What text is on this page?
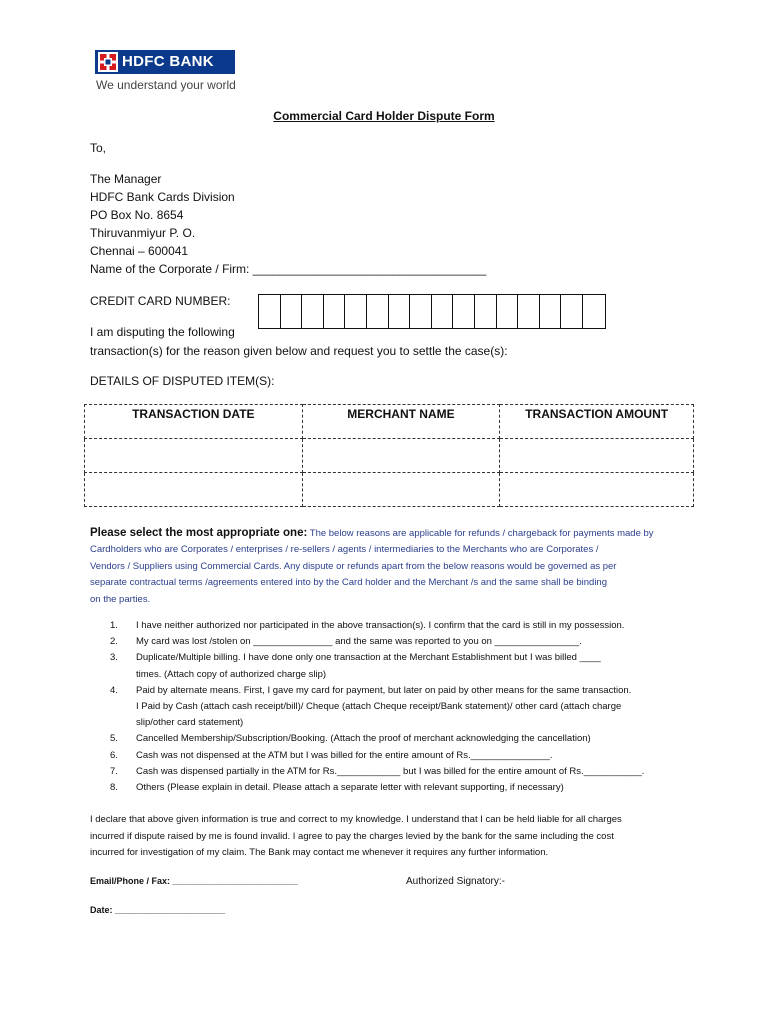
HDFC BANK
We understand your world
Commercial Card Holder Dispute Form
To,
The Manager
HDFC Bank Cards Division
PO Box No. 8654
Thiruvanmiyur P. O.
Chennai – 600041
Name of the Corporate / Firm: ___________________________________
CREDIT CARD NUMBER:
I am disputing the following
transaction(s) for the reason given below and request you to settle the case(s):
DETAILS OF DISPUTED ITEM(S):
TRANSACTION DATE	MERCHANT NAME	TRANSACTION AMOUNT

Please select the most appropriate one: The below reasons are applicable for refunds / chargeback for payments made by
Cardholders who are Corporates / enterprises / re-sellers / agents / intermediaries to the Merchants who are Corporates /
Vendors / Suppliers using Commercial Cards. Any dispute or refunds apart from the below reasons would be governed as per
separate contractual terms /agreements entered into by the Card holder and the Merchant /s and the same shall be binding
on the parties.
1. I have neither authorized nor participated in the above transaction(s). I confirm that the card is still in my possession.
2. My card was lost /stolen on _______________ and the same was reported to you on ________________.
3. Duplicate/Multiple billing. I have done only one transaction at the Merchant Establishment but I was billed ____
times. (Attach copy of authorized charge slip)
4. Paid by alternate means. First, I gave my card for payment, but later on paid by other means for the same transaction.
I Paid by Cash (attach cash receipt/bill)/ Cheque (attach Cheque receipt/Bank statement)/ other card (attach charge
slip/other card statement)
5. Cancelled Membership/Subscription/Booking. (Attach the proof of merchant acknowledging the cancellation)
6. Cash was not dispensed at the ATM but I was billed for the entire amount of Rs._______________.
7. Cash was dispensed partially in the ATM for Rs.____________ but I was billed for the entire amount of Rs.___________.
8. Others (Please explain in detail. Please attach a separate letter with relevant supporting, if necessary)
I declare that above given information is true and correct to my knowledge. I understand that I can be held liable for all charges
incurred if dispute raised by me is found invalid. I agree to pay the charges levied by the bank for the same including the cost
incurred for investigation of my claim. The Bank may contact me whenever it requires any further information.
Email/Phone / Fax: _________________________	Authorized Signatory:-
Date: ______________________
